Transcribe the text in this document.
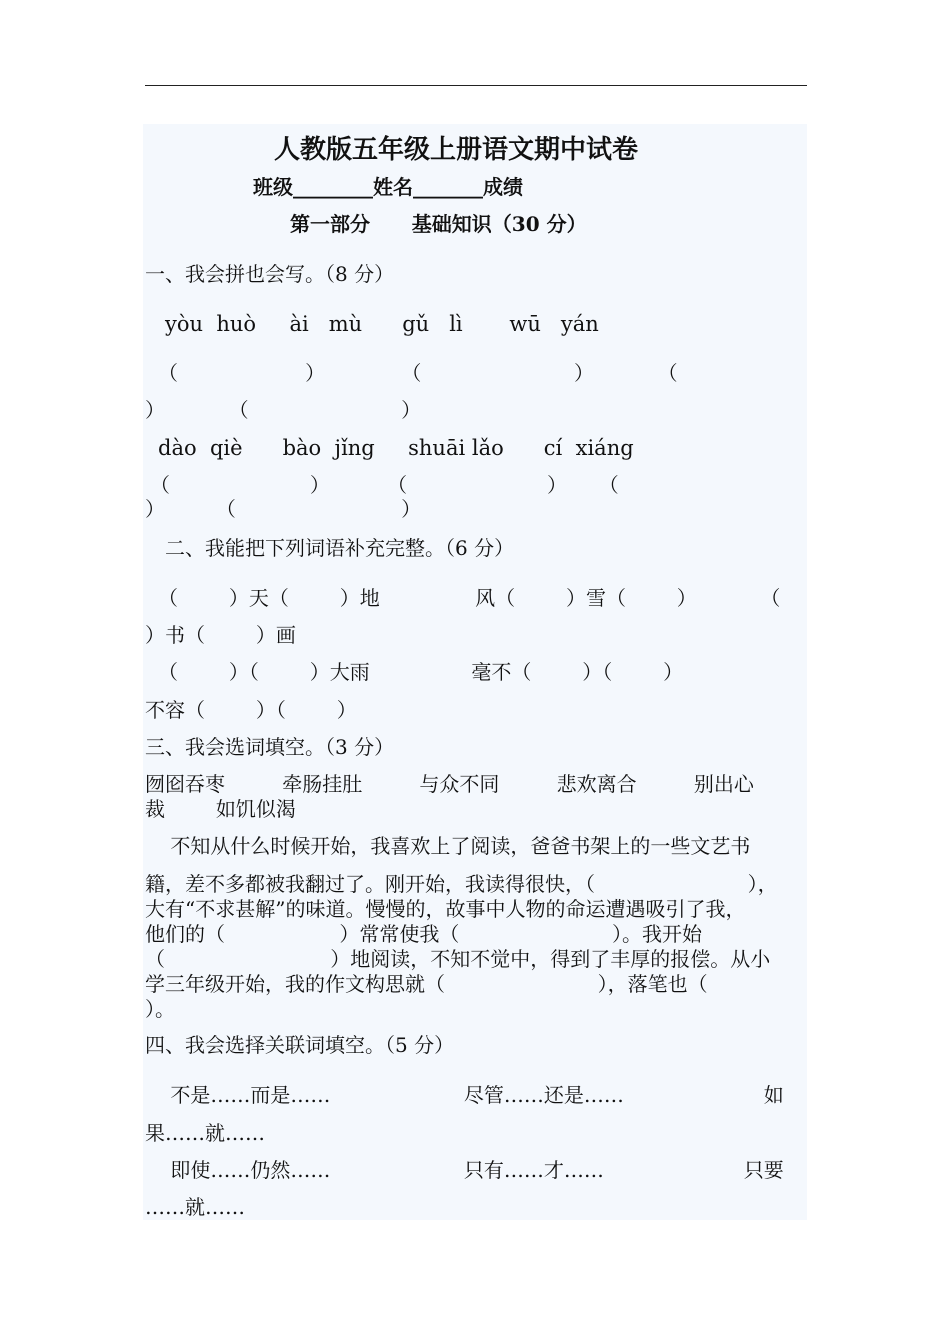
人教版五年级上册语文期中试卷
班级________姓名_______成绩
第一部分      基础知识（30 分）
一、我会拼也会写。（8 分）
yòu  huò     ài   mù      gǔ   lì       wū   yán
（                    ）            （                        ）          （
）          （                        ）
dào  qiè      bào  jǐng     shuāi lǎo      cí  xiáng
（                      ）         （                      ）     （
）        （                          ）
二、我能把下列词语补充完整。（6 分）
（        ）天（        ）地               风（        ）雪（        ）          （
）书（        ）画
（        ）（        ）大雨                毫不（        ）（        ）
不容（        ）（        ）
三、我会选词填空。（3 分）
囫囵吞枣         牵肠挂肚         与众不同         悲欢离合         别出心
裁        如饥似渴
不知从什么时候开始，我喜欢上了阅读，爸爸书架上的一些文艺书
籍，差不多都被我翻过了。刚开始，我读得很快，（                        ），
大有“不求甚解”的味道。慢慢的，故事中人物的命运遭遇吸引了我，
他们的（                  ）常常使我（                        ）。我开始
（                          ）地阅读，不知不觉中，得到了丰厚的报偿。从小
学三年级开始，我的作文构思就（                        ），落笔也（
）。
四、我会选择关联词填空。（5 分）
不是……而是……                     尽管……还是……                      如
果……就……
即使……仍然……                     只有……才……                      只要
……就……
